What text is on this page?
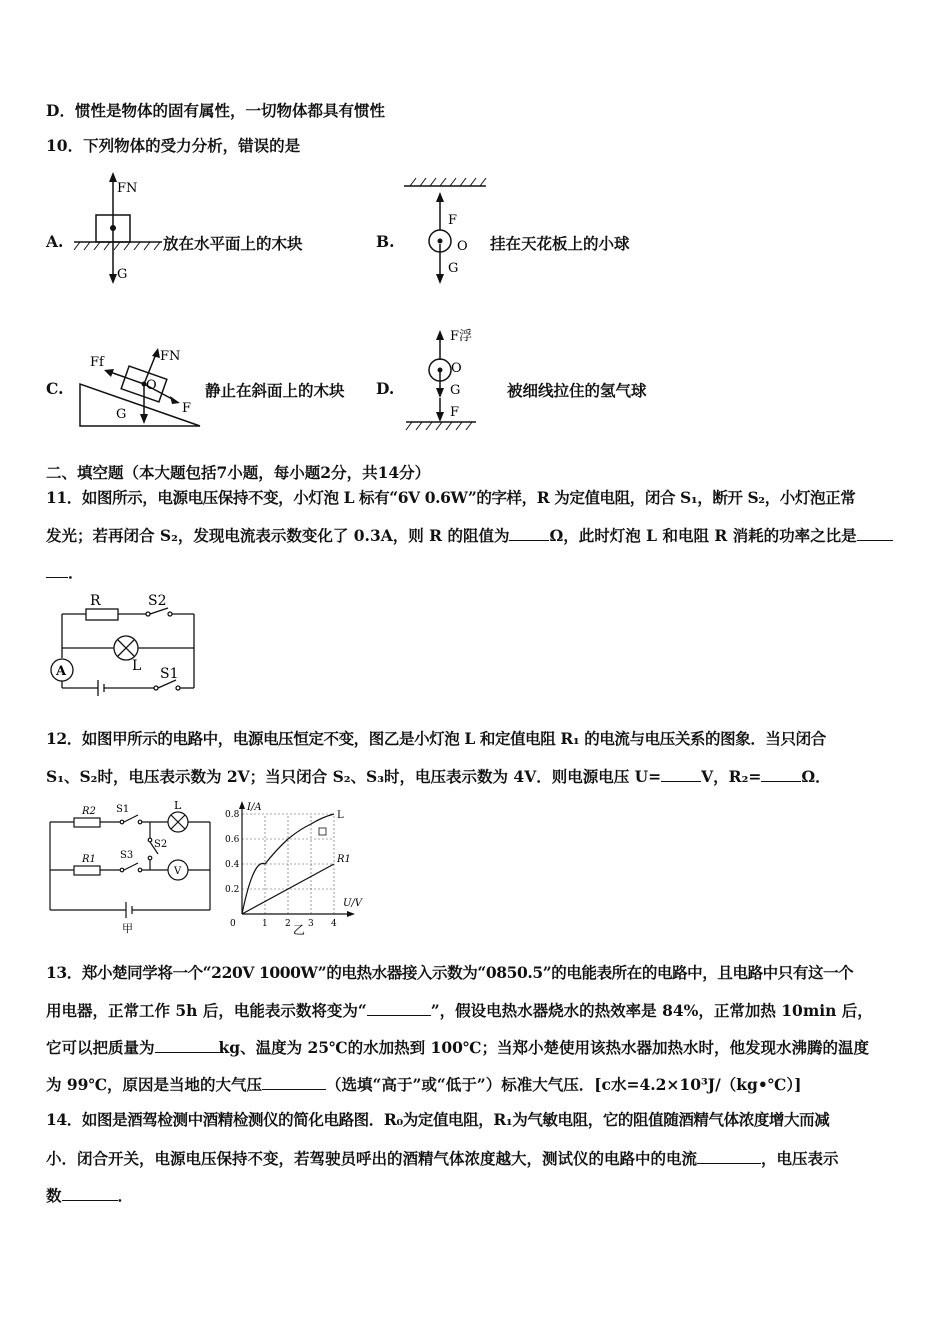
D．惯性是物体的固有属性，一切物体都具有惯性
10．下列物体的受力分析，错误的是
A.
FN
G
放在水平面上的木块	B.
F
O
G
挂在天花板上的小球
C.
Ff	FN
O
G	F
静止在斜面上的木块 D.
F浮
O
G
F
被细线拉住的氢气球
二、填空题（本大题包括7小题，每小题2分，共14分）
11．如图所示，电源电压保持不变，小灯泡 L 标有“6V 0.6W”的字样，R 为定值电阻，闭合 S₁，断开 S₂，小灯泡正常
发光；若再闭合 S₂，发现电流表示数变化了 0.3A，则 R 的阻值为	Ω，此时灯泡 L 和电阻 R 消耗的功率之比是
．
R	S2
L
A	S1
12．如图甲所示的电路中，电源电压恒定不变，图乙是小灯泡 L 和定值电阻 R₁ 的电流与电压关系的图象．当只闭合
S₁、S₂时，电压表示数为 2V；当只闭合 S₂、S₃时，电压表示数为 4V．则电源电压 U=	V，R₂=	Ω．
R2 S1	L
S2
R1 S3
V
甲
I/A
U/V
0.2
0.4
0.6
0.8
0	1 2 3 4
L
R1
乙
13．郑小楚同学将一个“220V 1000W”的电热水器接入示数为“0850.5”的电能表所在的电路中，且电路中只有这一个
用电器，正常工作 5h 后，电能表示数将变为“	”，假设电热水器烧水的热效率是 84%，正常加热 10min 后，
它可以把质量为	kg、温度为 25℃的水加热到 100℃；当郑小楚使用该热水器加热水时，他发现水沸腾的温度
为 99℃，原因是当地的大气压	（选填“高于”或“低于”）标准大气压．[c水=4.2×10³J/（kg•℃）]
14．如图是酒驾检测中酒精检测仪的简化电路图．R₀为定值电阻，R₁为气敏电阻，它的阻值随酒精气体浓度增大而减
小．闭合开关，电源电压保持不变，若驾驶员呼出的酒精气体浓度越大，测试仪的电路中的电流	，电压表示
数	．
